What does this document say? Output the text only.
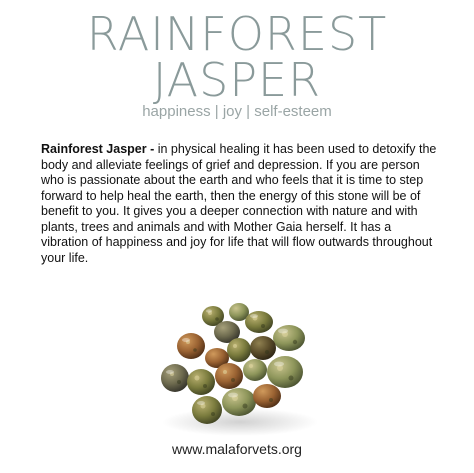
RAINFOREST
JASPER
happiness | joy | self-esteem
Rainforest Jasper - in physical healing it has been used to detoxify the body and alleviate feelings of grief and depression. If you are person who is passionate about the earth and who feels that it is time to step forward to help heal the earth, then the energy of this stone will be of benefit to you. It gives you a deeper connection with nature and with plants, trees and animals and with Mother Gaia herself. It has a vibration of happiness and joy for life that will flow outwards throughout your life.
www.malaforvets.org
